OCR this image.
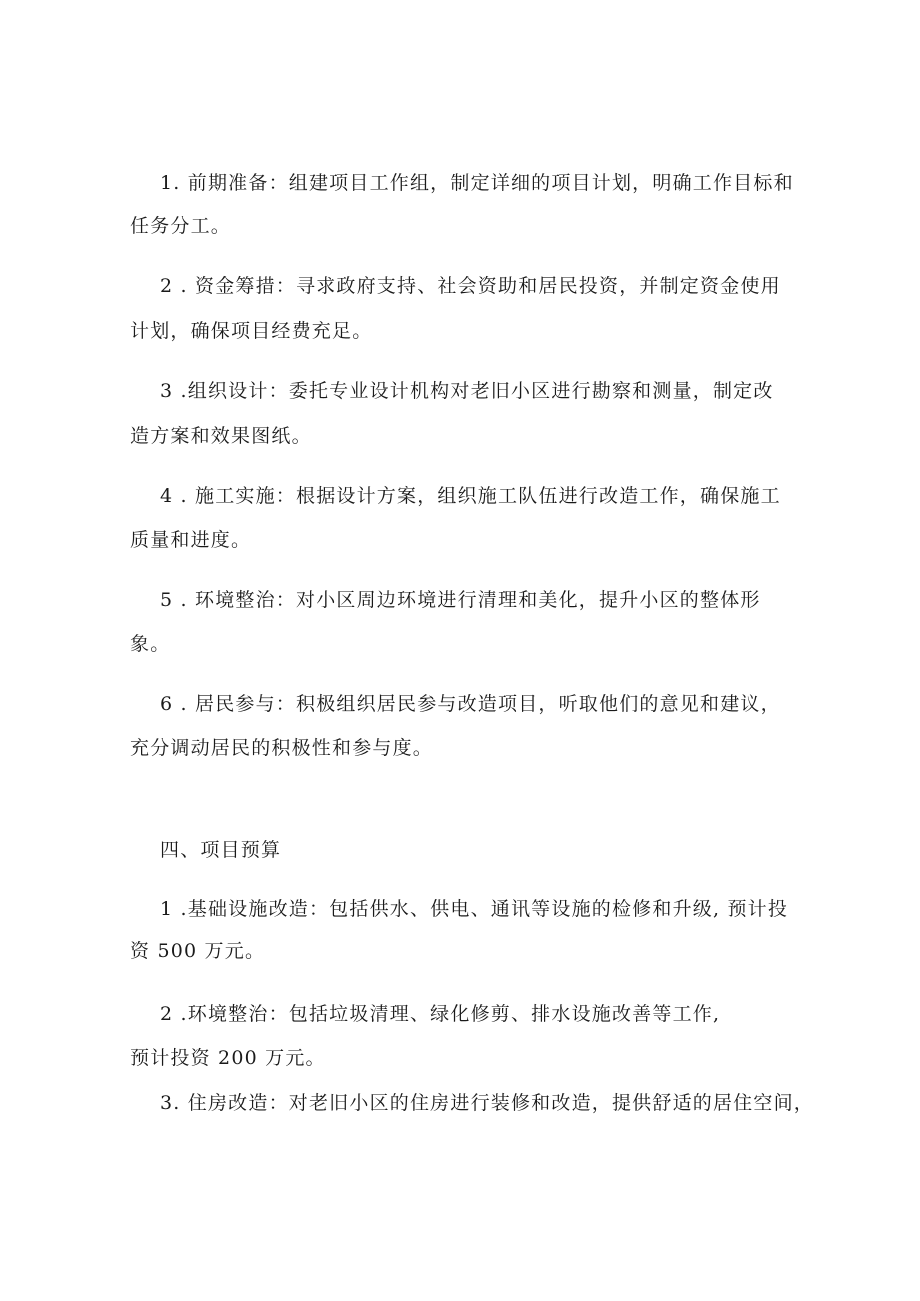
1. 前期准备：组建项目工作组，制定详细的项目计划，明确工作目标和
任务分工。
2 . 资金筹措：寻求政府支持、社会资助和居民投资，并制定资金使用
计划，确保项目经费充足。
3 .组织设计：委托专业设计机构对老旧小区进行勘察和测量，制定改
造方案和效果图纸。
4 . 施工实施：根据设计方案，组织施工队伍进行改造工作，确保施工
质量和进度。
5 . 环境整治：对小区周边环境进行清理和美化，提升小区的整体形
象。
6 . 居民参与：积极组织居民参与改造项目，听取他们的意见和建议，
充分调动居民的积极性和参与度。
四、项目预算
1 .基础设施改造：包括供水、供电、通讯等设施的检修和升级, 预计投
资 500 万元。
2 .环境整治：包括垃圾清理、绿化修剪、排水设施改善等工作,
预计投资 200 万元。
3. 住房改造：对老旧小区的住房进行装修和改造，提供舒适的居住空间，
